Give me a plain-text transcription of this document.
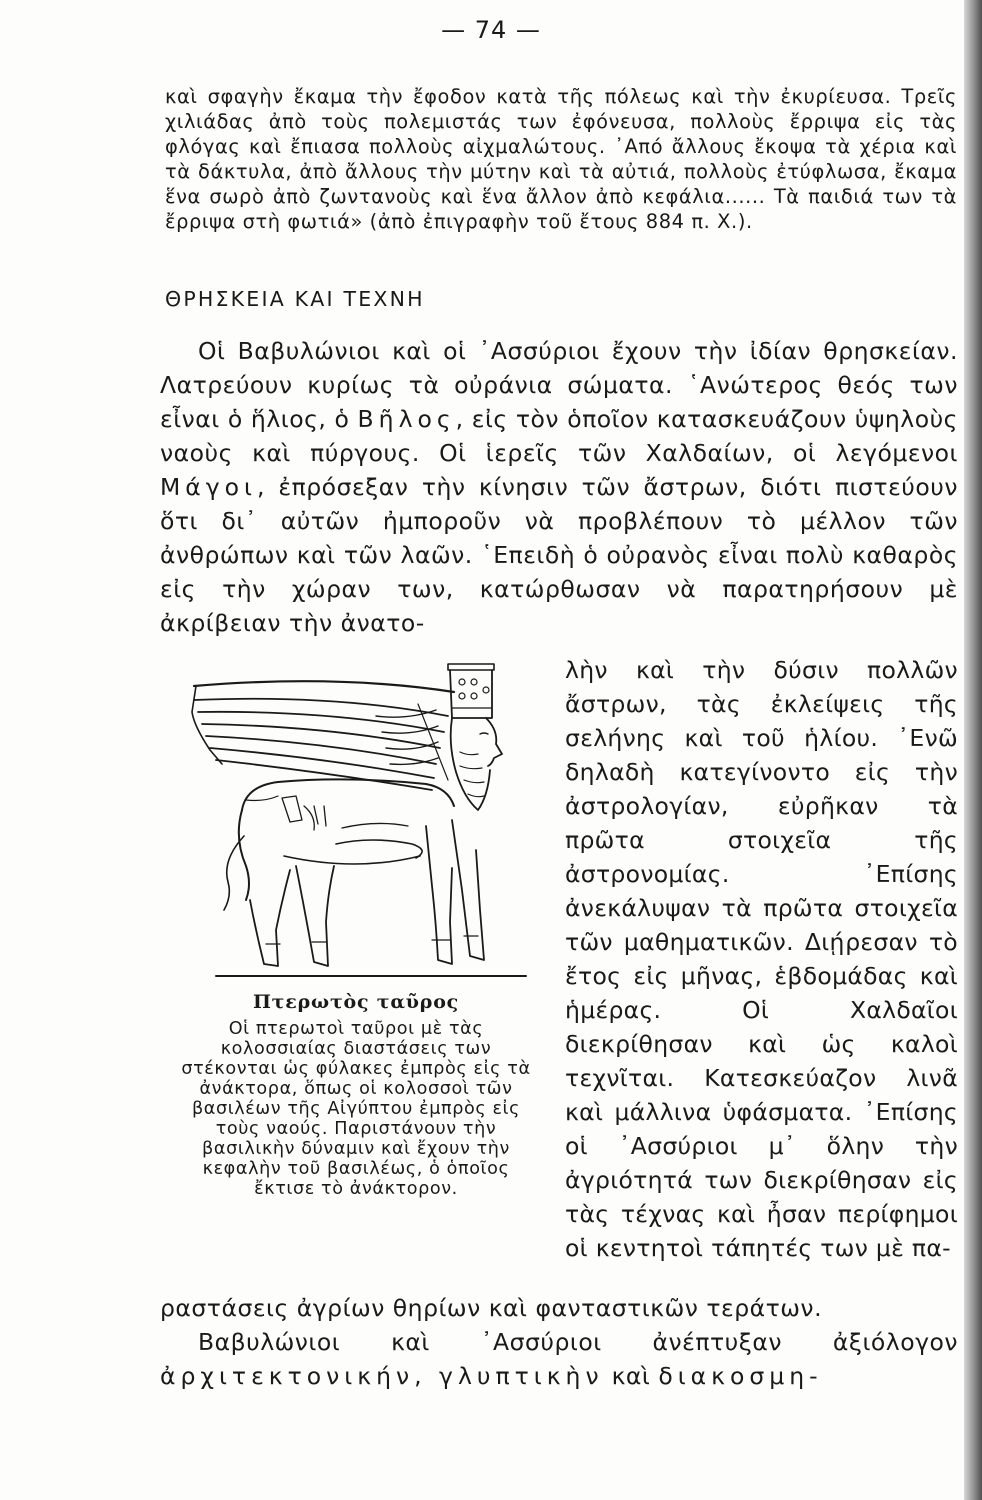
— 74 —

καὶ σφαγὴν ἔκαμα τὴν ἔφοδον κατὰ τῆς πόλεως καὶ τὴν ἐκυρίευσα. Τρεῖς χιλιάδας ἀπὸ τοὺς πολεμιστάς των ἐφόνευσα, πολλοὺς ἔρριψα εἰς τὰς φλόγας καὶ ἔπιασα πολλοὺς αἰχμαλώτους. ᾿Από ἄλλους ἔκοψα τὰ χέρια καὶ τὰ δάκτυλα, ἀπὸ ἄλλους τὴν μύτην καὶ τὰ αὐτιά, πολλοὺς ἐτύφλωσα, ἔκαμα ἕνα σωρὸ ἀπὸ ζωντανοὺς καὶ ἕνα ἄλλον ἀπὸ κεφάλια...... Τὰ παιδιά των τὰ ἔρριψα στὴ φωτιά» (ἀπὸ ἐπιγραφὴν τοῦ ἔτους 884 π. Χ.).

ΘΡΗΣΚΕΙΑ ΚΑΙ ΤΕΧΝΗ

Οἱ Βαβυλώνιοι καὶ οἱ ᾿Ασσύριοι ἔχουν τὴν ἰδίαν θρησκείαν. Λατρεύουν κυρίως τὰ οὐράνια σώματα. ῾Ανώτερος θεός των εἶναι ὁ ἥλιος, ὁ Βῆλος, εἰς τὸν ὁποῖον κατασκευάζουν ὑψηλοὺς ναοὺς καὶ πύργους. Οἱ ἱερεῖς τῶν Χαλδαίων, οἱ λεγόμενοι Μάγοι, ἐπρόσεξαν τὴν κίνησιν τῶν ἄστρων, διότι πιστεύουν ὅτι δι᾿ αὐτῶν ἠμποροῦν νὰ προβλέπουν τὸ μέλλον τῶν ἀνθρώπων καὶ τῶν λαῶν. ῾Επειδὴ ὁ οὐρανὸς εἶναι πολὺ καθαρὸς εἰς τὴν χώραν των, κατώρθωσαν νὰ παρατηρήσουν μὲ ἀκρίβειαν τὴν ἀνατο-

Πτερωτὸς ταῦρος
Οἱ πτερωτοὶ ταῦροι μὲ τὰς κολοσσιαίας διαστάσεις των στέκονται ὡς φύλακες ἐμπρὸς εἰς τὰ ἀνάκτορα, ὅπως οἱ κολοσσοὶ τῶν βασιλέων τῆς Αἰγύπτου ἐμπρὸς εἰς τοὺς ναούς. Παριστάνουν τὴν βασιλικὴν δύναμιν καὶ ἔχουν τὴν κεφαλὴν τοῦ βασιλέως, ὁ ὁποῖος ἔκτισε τὸ ἀνάκτορον.

λὴν καὶ τὴν δύσιν πολλῶν ἄστρων, τὰς ἐκλείψεις τῆς σελήνης καὶ τοῦ ἡλίου. ᾿Ενῶ δηλαδὴ κατεγίνοντο εἰς τὴν ἀστρολογίαν, εὐρῆκαν τὰ πρῶτα στοιχεῖα τῆς ἀστρονομίας. ᾿Επίσης ἀνεκάλυψαν τὰ πρῶτα στοιχεῖα τῶν μαθηματικῶν. Διῄρεσαν τὸ ἔτος εἰς μῆνας, ἑβδομάδας καὶ ἡμέρας. Οἱ Χαλδαῖοι διεκρίθησαν καὶ ὡς καλοὶ τεχνῖται. Κατεσκεύαζον λινᾶ καὶ μάλλινα ὑφάσματα. ᾿Επίσης οἱ ᾿Ασσύριοι μ᾿ ὅλην τὴν ἀγριότητά των διεκρίθησαν εἰς τὰς τέχνας καὶ ἦσαν περίφημοι οἱ κεντητοὶ τάπητές των μὲ πα-

ραστάσεις ἀγρίων θηρίων καὶ φανταστικῶν τεράτων.

Βαβυλώνιοι καὶ ᾿Ασσύριοι ἀνέπτυξαν ἀξιόλογον ἀρχιτεκτονικήν, γλυπτικὴν καὶ διακοσμη-
